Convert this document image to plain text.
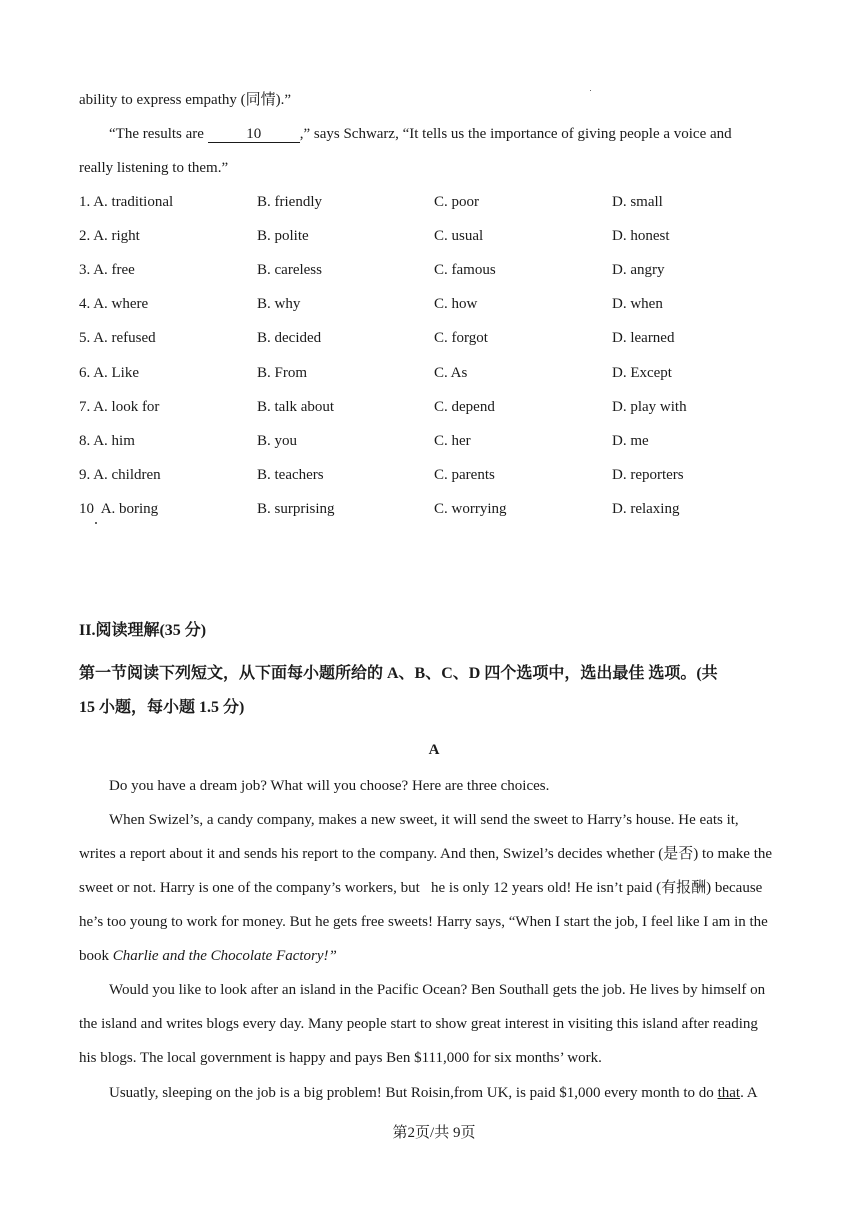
ability to express empathy (同情).”
“The results are	10	,” says Schwarz, “It tells us the importance of giving people a voice and
really listening to them.”
1. A. traditional	B. friendly	C. poor	D. small
2. A. right	B. polite	C. usual	D. honest
3. A. free	B. careless	C. famous	D. angry
4. A. where	B. why	C. how	D. when
5. A. refused	B. decided	C. forgot	D. learned
6. A. Like	B. From	C. As	D. Except
7. A. look for	B. talk about	C. depend	D. play with
8. A. him	B. you	C. her	D. me
9. A. children	B. teachers	C. parents	D. reporters
10 A. boring	B. surprising	C. worrying	D. relaxing
II.阅读理解(35 分)
第一节阅读下列短文，从下面每小题所给的 A、B、C、D 四个选项中，选出最佳 选项。(共
15 小题，每小题 1.5 分)
A
Do you have a dream job? What will you choose? Here are three choices.
When Swizel’s, a candy company, makes a new sweet, it will send the sweet to Harry’s house. He eats it,
writes a report about it and sends his report to the company. And then, Swizel’s decides whether (是否) to make the
sweet or not. Harry is one of the company’s workers, but   he is only 12 years old! He isn’t paid (有报酬) because
he’s too young to work for money. But he gets free sweets! Harry says, “When I start the job, I feel like I am in the
book Charlie and the Chocolate Factory!”
Would you like to look after an island in the Pacific Ocean? Ben Southall gets the job. He lives by himself on
the island and writes blogs every day. Many people start to show great interest in visiting this island after reading
his blogs. The local government is happy and pays Ben $111,000 for six months’ work.
Usuatly, sleeping on the job is a big problem! But Roisin,from UK, is paid $1,000 every month to do that. A
第2页/共 9页
